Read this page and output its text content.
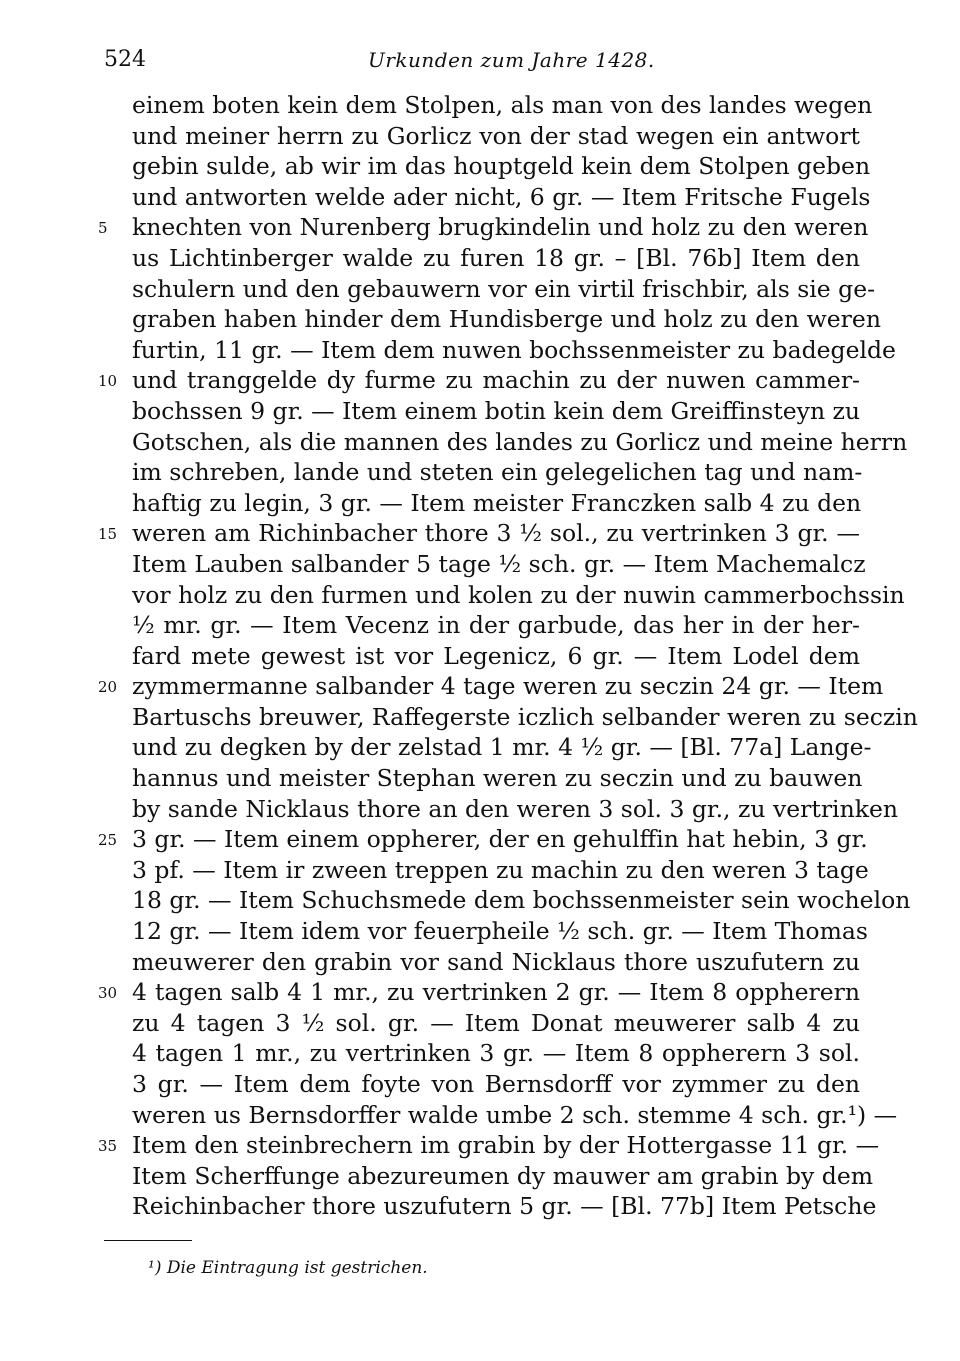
524	Urkunden zum Jahre 1428.
einem boten kein dem Stolpen, als man von des landes wegen
und meiner herrn zu Gorlicz von der stad wegen ein antwort
gebin sulde, ab wir im das houptgeld kein dem Stolpen geben
und antworten welde ader nicht, 6 gr. — Item Fritsche Fugels
knechten von Nurenberg brugkindelin und holz zu den weren
5
us Lichtinberger walde zu furen 18 gr. – [Bl. 76b] Item den
schulern und den gebauwern vor ein virtil frischbir, als sie ge-
graben haben hinder dem Hundisberge und holz zu den weren
furtin, 11 gr. — Item dem nuwen bochssenmeister zu badegelde
und tranggelde dy furme zu machin zu der nuwen cammer-
10
bochssen 9 gr. — Item einem botin kein dem Greiffinsteyn zu
Gotschen, als die mannen des landes zu Gorlicz und meine herrn
im schreben, lande und steten ein gelegelichen tag und nam-
haftig zu legin, 3 gr. — Item meister Franczken salb 4 zu den
weren am Richinbacher thore 3 ½ sol., zu vertrinken 3 gr. —
15
Item Lauben salbander 5 tage ½ sch. gr. — Item Machemalcz
vor holz zu den furmen und kolen zu der nuwin cammerbochssin
½ mr. gr. — Item Vecenz in der garbude, das her in der her-
fard mete gewest ist vor Legenicz, 6 gr. — Item Lodel dem
zymmermanne salbander 4 tage weren zu seczin 24 gr. — Item
20
Bartuschs breuwer, Raffegerste iczlich selbander weren zu seczin
und zu degken by der zelstad 1 mr. 4 ½ gr. — [Bl. 77a] Lange-
hannus und meister Stephan weren zu seczin und zu bauwen
by sande Nicklaus thore an den weren 3 sol. 3 gr., zu vertrinken
3 gr. — Item einem oppherer, der en gehulffin hat hebin, 3 gr.
25
3 pf. — Item ir zween treppen zu machin zu den weren 3 tage
18 gr. — Item Schuchsmede dem bochssenmeister sein wochelon
12 gr. — Item idem vor feuerpheile ½ sch. gr. — Item Thomas
meuwerer den grabin vor sand Nicklaus thore uszufutern zu
4 tagen salb 4 1 mr., zu vertrinken 2 gr. — Item 8 oppherern
30
zu 4 tagen 3 ½ sol. gr. — Item Donat meuwerer salb 4 zu
4 tagen 1 mr., zu vertrinken 3 gr. — Item 8 oppherern 3 sol.
3 gr. — Item dem foyte von Bernsdorff vor zymmer zu den
weren us Bernsdorffer walde umbe 2 sch. stemme 4 sch. gr.¹) —
Item den steinbrechern im grabin by der Hottergasse 11 gr. —
35
Item Scherffunge abezureumen dy mauwer am grabin by dem
Reichinbacher thore uszufutern 5 gr. — [Bl. 77b] Item Petsche
¹) Die Eintragung ist gestrichen.
